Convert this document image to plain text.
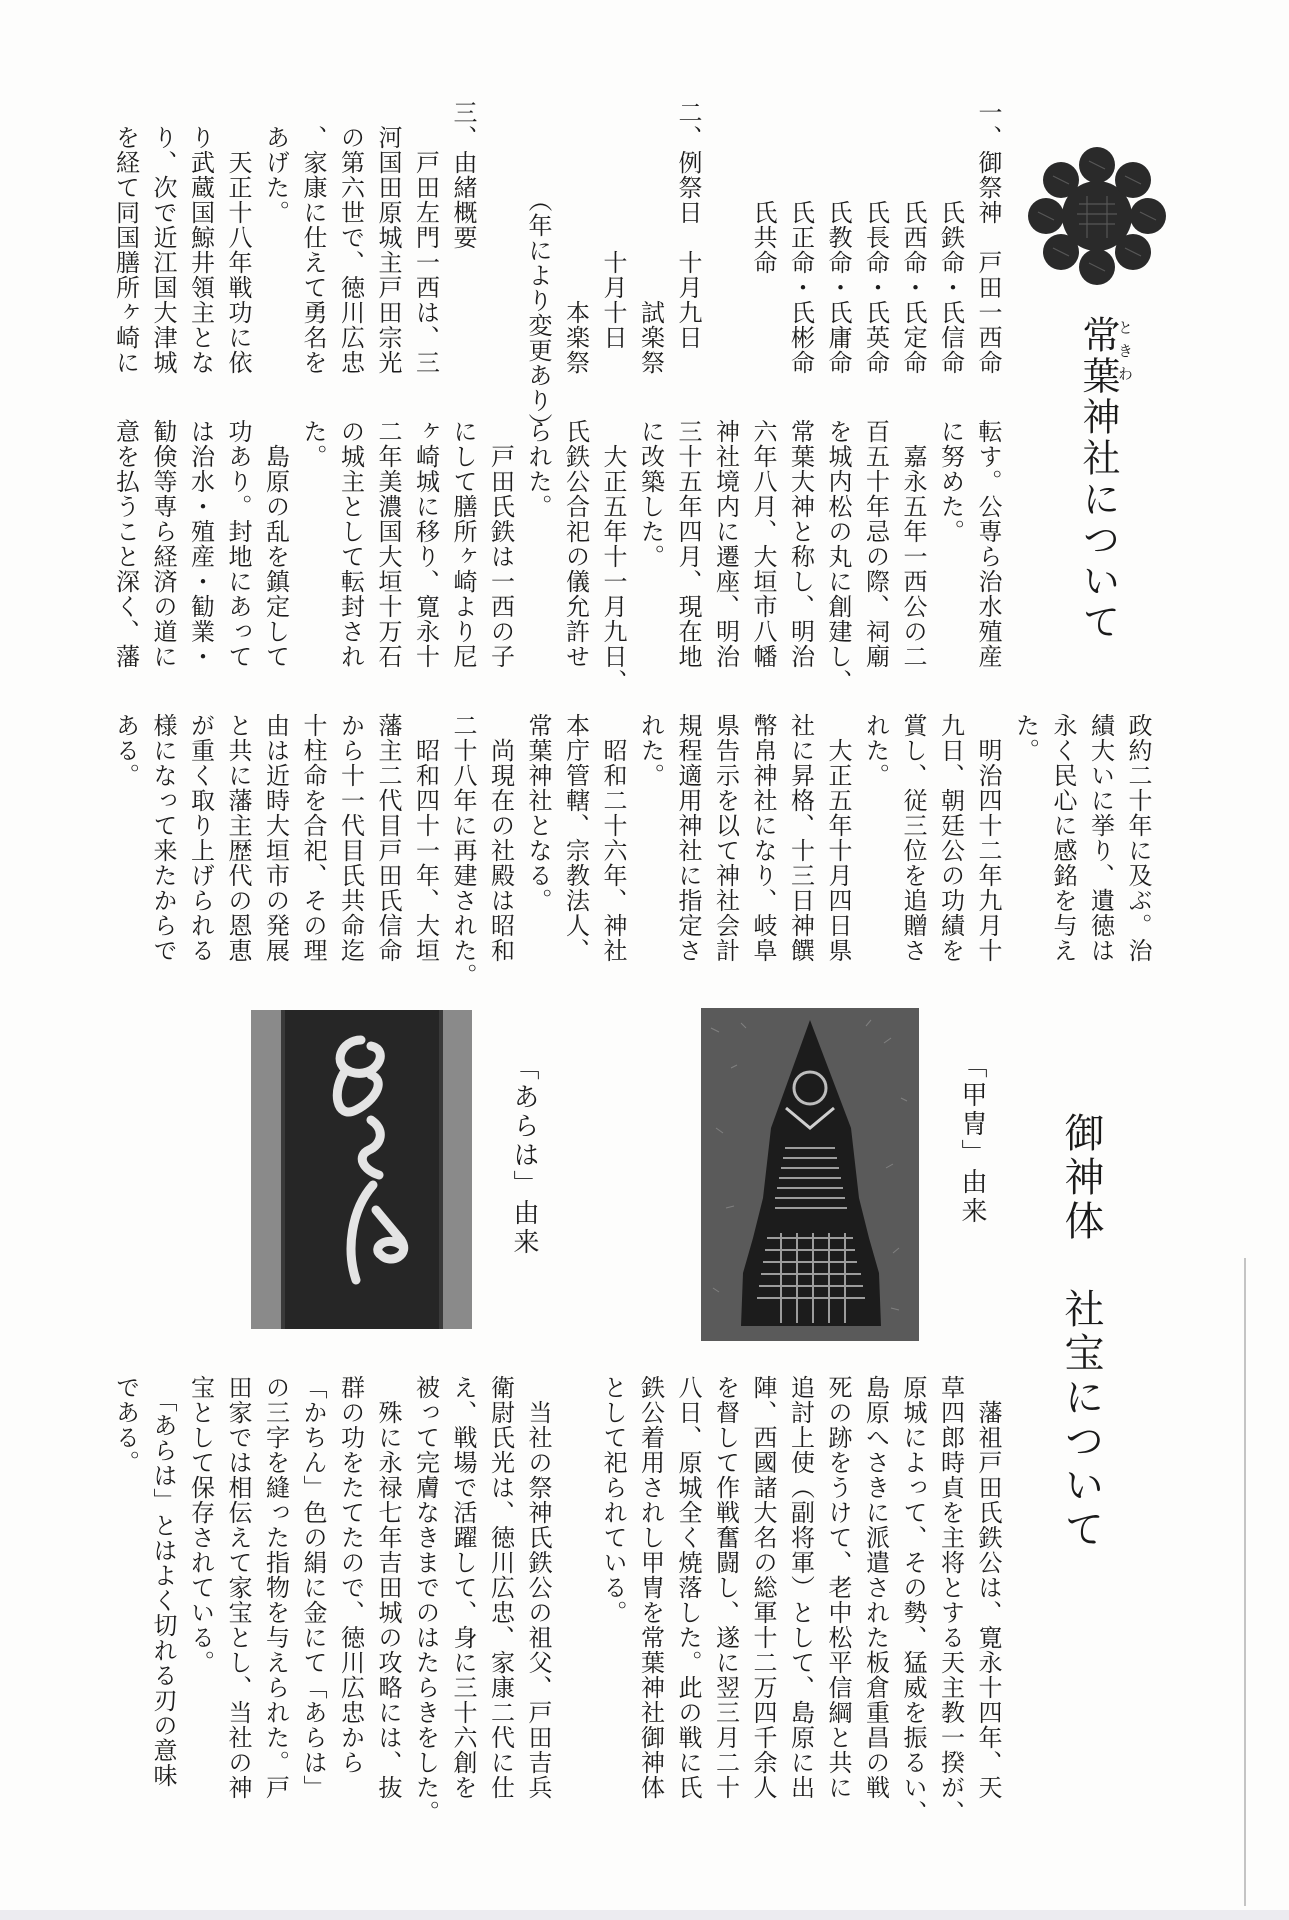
常葉神社について
ときわ
一、御祭神　戸田一西命
　　　　氏鉄命・氏信命
　　　　氏西命・氏定命
　　　　氏長命・氏英命
　　　　氏教命・氏庸命
　　　　氏正命・氏彬命
　　　　氏共命
二、例祭日　十月九日
　　　　　　　　試楽祭
　　　　　　十月十日
　　　　　　　　本楽祭
　　　　（年により変更あり）
三、由緒概要
　　戸田左門一西は、三
　河国田原城主戸田宗光
　の第六世で、徳川広忠
　、家康に仕えて勇名を
　あげた。
　　天正十八年戦功に依
　り武蔵国鯨井領主とな
　り、次で近江国大津城
　を経て同国膳所ヶ崎に
転す。公専ら治水殖産
に努めた。
　嘉永五年一西公の二
百五十年忌の際、祠廟
を城内松の丸に創建し、
常葉大神と称し、明治
六年八月、大垣市八幡
神社境内に遷座、明治
三十五年四月、現在地
に改築した。
　大正五年十一月九日、
氏鉄公合祀の儀允許せ
られた。
　戸田氏鉄は一西の子
にして膳所ヶ崎より尼
ヶ崎城に移り、寛永十
二年美濃国大垣十万石
の城主として転封され
た。
　島原の乱を鎮定して
功あり。封地にあって
は治水・殖産・勧業・
勧倹等専ら経済の道に
意を払うこと深く、藩
政約二十年に及ぶ。治
績大いに挙り、遺徳は
永く民心に感銘を与え
た。
　明治四十二年九月十
九日、朝廷公の功績を
賞し、従三位を追贈さ
れた。
　大正五年十月四日県
社に昇格、十三日神饌
幣帛神社になり、岐阜
県告示を以て神社会計
規程適用神社に指定さ
れた。
　昭和二十六年、神社
本庁管轄、宗教法人、
常葉神社となる。
　尚現在の社殿は昭和
二十八年に再建された。
　昭和四十一年、大垣
藩主二代目戸田氏信命
から十一代目氏共命迄
十柱命を合祀、その理
由は近時大垣市の発展
と共に藩主歴代の恩恵
が重く取り上げられる
様になって来たからで
ある。
御神体　社宝について
「甲冑」由来
「あらは」由来
　藩祖戸田氏鉄公は、寛永十四年、天
草四郎時貞を主将とする天主教一揆が、
原城によって、その勢、猛威を振るい、
島原へさきに派遣された板倉重昌の戦
死の跡をうけて、老中松平信綱と共に
追討上使（副将軍）として、島原に出
陣、西國諸大名の総軍十二万四千余人
を督して作戦奮闘し、遂に翌三月二十
八日、原城全く焼落した。此の戦に氏
鉄公着用されし甲冑を常葉神社御神体
として祀られている。
　当社の祭神氏鉄公の祖父、戸田吉兵
衛尉氏光は、徳川広忠、家康二代に仕
え、戦場で活躍して、身に三十六創を
被って完膚なきまでのはたらきをした。
　殊に永禄七年吉田城の攻略には、抜
群の功をたてたので、徳川広忠から
「かちん」色の絹に金にて「あらは」
の三字を縫った指物を与えられた。戸
田家では相伝えて家宝とし、当社の神
宝として保存されている。
　「あらは」とはよく切れる刃の意味
である。
